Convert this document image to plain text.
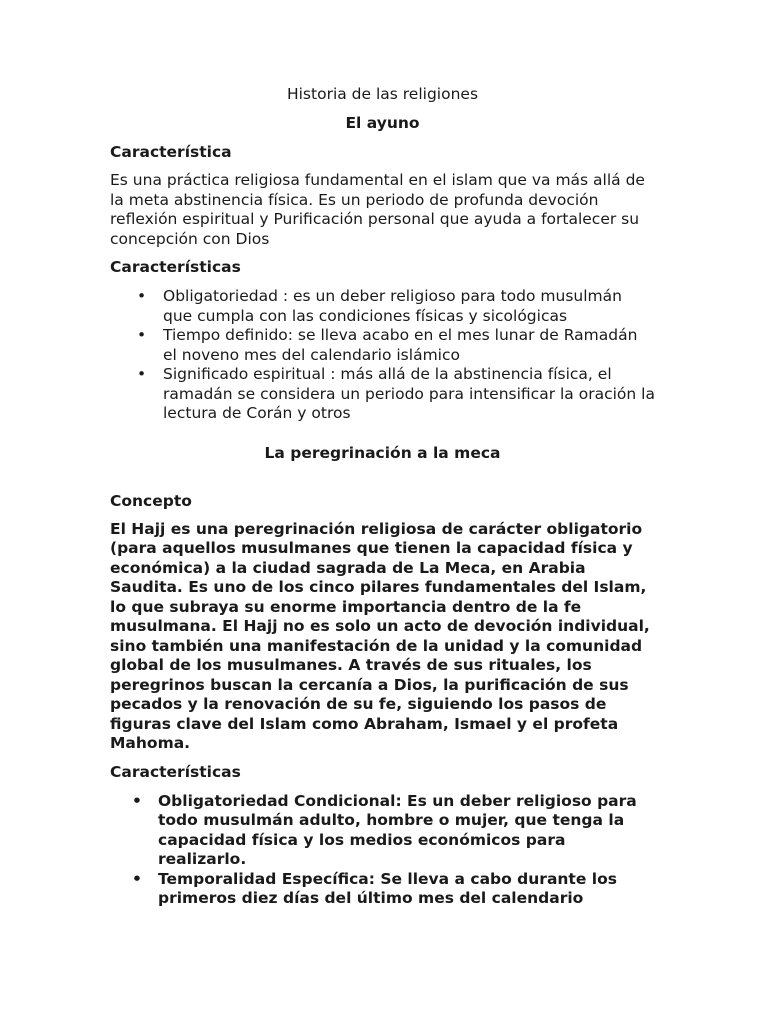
Historia de las religiones
El ayuno
Característica

Es una práctica religiosa fundamental en el islam que va más allá de la meta abstinencia física. Es un periodo de profunda devoción reflexión espiritual y Purificación personal que ayuda a fortalecer su concepción con Dios

Características
• Obligatoriedad : es un deber religioso para todo musulmán que cumpla con las condiciones físicas y sicológicas
• Tiempo definido: se lleva acabo en el mes lunar de Ramadán el noveno mes del calendario islámico
• Significado espiritual : más allá de la abstinencia física, el ramadán se considera un periodo para intensificar la oración la lectura de Corán y otros
La peregrinación a la meca
Concepto

El Hajj es una peregrinación religiosa de carácter obligatorio (para aquellos musulmanes que tienen la capacidad física y económica) a la ciudad sagrada de La Meca, en Arabia Saudita. Es uno de los cinco pilares fundamentales del Islam, lo que subraya su enorme importancia dentro de la fe musulmana. El Hajj no es solo un acto de devoción individual, sino también una manifestación de la unidad y la comunidad global de los musulmanes. A través de sus rituales, los peregrinos buscan la cercanía a Dios, la purificación de sus pecados y la renovación de su fe, siguiendo los pasos de figuras clave del Islam como Abraham, Ismael y el profeta Mahoma.

Características
• Obligatoriedad Condicional: Es un deber religioso para todo musulmán adulto, hombre o mujer, que tenga la capacidad física y los medios económicos para realizarlo.
• Temporalidad Específica: Se lleva a cabo durante los primeros diez días del último mes del calendario
